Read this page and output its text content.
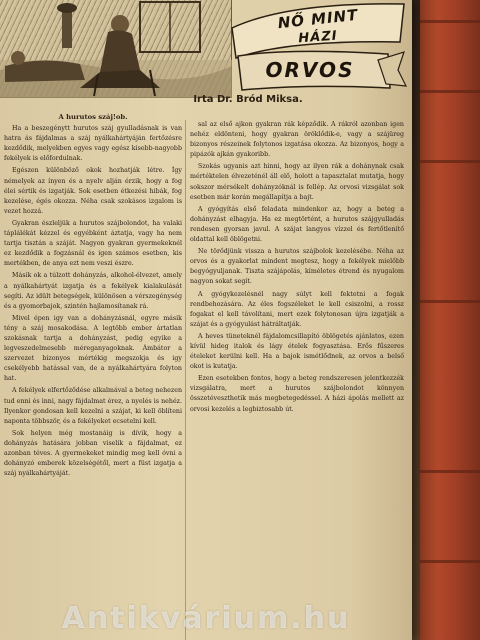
NŐ MINT
HÁZI
ORVOS
Irta Dr. Bród Miksa.
A hurutos száj!ob.

Ha a beszegénytt hurutos száj gyulladásnak is van hatra ás fájdalmas a száj nyálkahártyáján fertőzésre kezdődik, melyekben egyes vagy egész kisebb-nagyobb fekélyek is előfordulnak.

Egészen különböző okok hozhatják létre. Így némelyek az ínyen és a nyelv alján érzik, hogy a fog élei sértik és izgatják. Sok esetben étkezési hibák, fog kezelése, égés okozza. Néha csak szokásos izgalom is vezet hozzá.

Gyakran észleljük a hurutos szájbolondot, ha valaki táplálékát kézzel és egyébként áztatja, vagy ha nem tartja tisztán a száját. Nagyon gyakran gyermekeknél ez kezdődik a fogzásnál és igen számos esetben, kis mertékben, de anya ezt nem veszi észre.

Másik ok a túlzott dohányzás, alkohol-élvezet, amely a nyálkahártyát izgatja és a fekélyek kialakulását segíti. Az idült betegségek, különösen a vérszegénység és a gyomorbajok, szintén hajlamosítanak rá.

Mivel épen igy van a dohányzásnál, egyre másik tény a száj mosakodása. A legtöbb ember ártatlan szokásnak tartja a dohányzást, pedig egyike a legveszedelmesebb méreganyagoknak. Ámbátor a szervezet bizonyos mértékig megszokja és igy csekélyebb hatással van, de a nyálkahártyára folyton hat.

A fekélyek elfertőződése alkalmával a beteg nehezen tud enni és inni, nagy fájdalmat érez, a nyelés is nehéz. Ilyenkor gondosan kell kezelni a szájat, ki kell öblíteni naponta többször, és a fekélyeket ecsetelni kell.

Sok helyen még mostanáig is dívik, hogy a dohányzás hatására jobban viselik a fájdalmat, ez azonban téves. A gyermekeket mindig meg kell óvni a dohányzó emberek közelségétől, mert a füst izgatja a száj nyálkahártyáját.

sal az első ajkon gyakran rák képződik. A rákról azonban igen nehéz eldönteni, hogy gyakran öröklődik-e, vagy a szájüreg bizonyos részeinek folytonos izgatása okozza. Az bizonyos, hogy a pipázók ajkán gyakoribb.

Szokás ugyanis azt hinni, hogy az ilyen rák a dohánynak csak mértéktelen élvezeténél áll elő, holott a tapasztalat mutatja, hogy sokszor mérsékelt dohányzóknál is fellép. Az orvosi vizsgálat sok esetben már korán megállapítja a bajt.

A gyógyítás első feladata mindenkor az, hogy a beteg a dohányzást elhagyja. Ha ez megtörtént, a hurutos szájgyulladás rendesen gyorsan javul. A szájat langyos vízzel és fertőtlenítő oldattal kell öblögetni.

Ne törődjünk vissza a hurutos szájbolok kezelésébe. Néha az orvos és a gyakorlat mindent megtesz, hogy a fekélyek mielőbb begyógyuljanak. Tiszta szájápolás, kíméletes étrend és nyugalom nagyon sokat segít.

A gyógykezelésnél nagy súlyt kell fektetni a fogak rendbehozására. Az éles fogszéleket le kell csiszolni, a rossz fogakat el kell távolítani, mert ezek folytonosan újra izgatják a szájat és a gyógyulást hátráltatják.

A heves tüneteknél fájdalomcsillapító öblögetés ajánlatos, ezen kívül hideg italok és lágy ételek fogyasztása. Erős fűszeres ételeket kerülni kell. Ha a bajok ismétlődnek, az orvos a belső okot is kutatja.

Ezen esetekben fontos, hogy a beteg rendszeresen jelentkezzék vizsgálatra, mert a hurutos szájbolondot könnyen összetéveszthetik más megbetegedéssel. A házi ápolás mellett az orvosi kezelés a legbiztosabb út.

Antikvárium.hu
